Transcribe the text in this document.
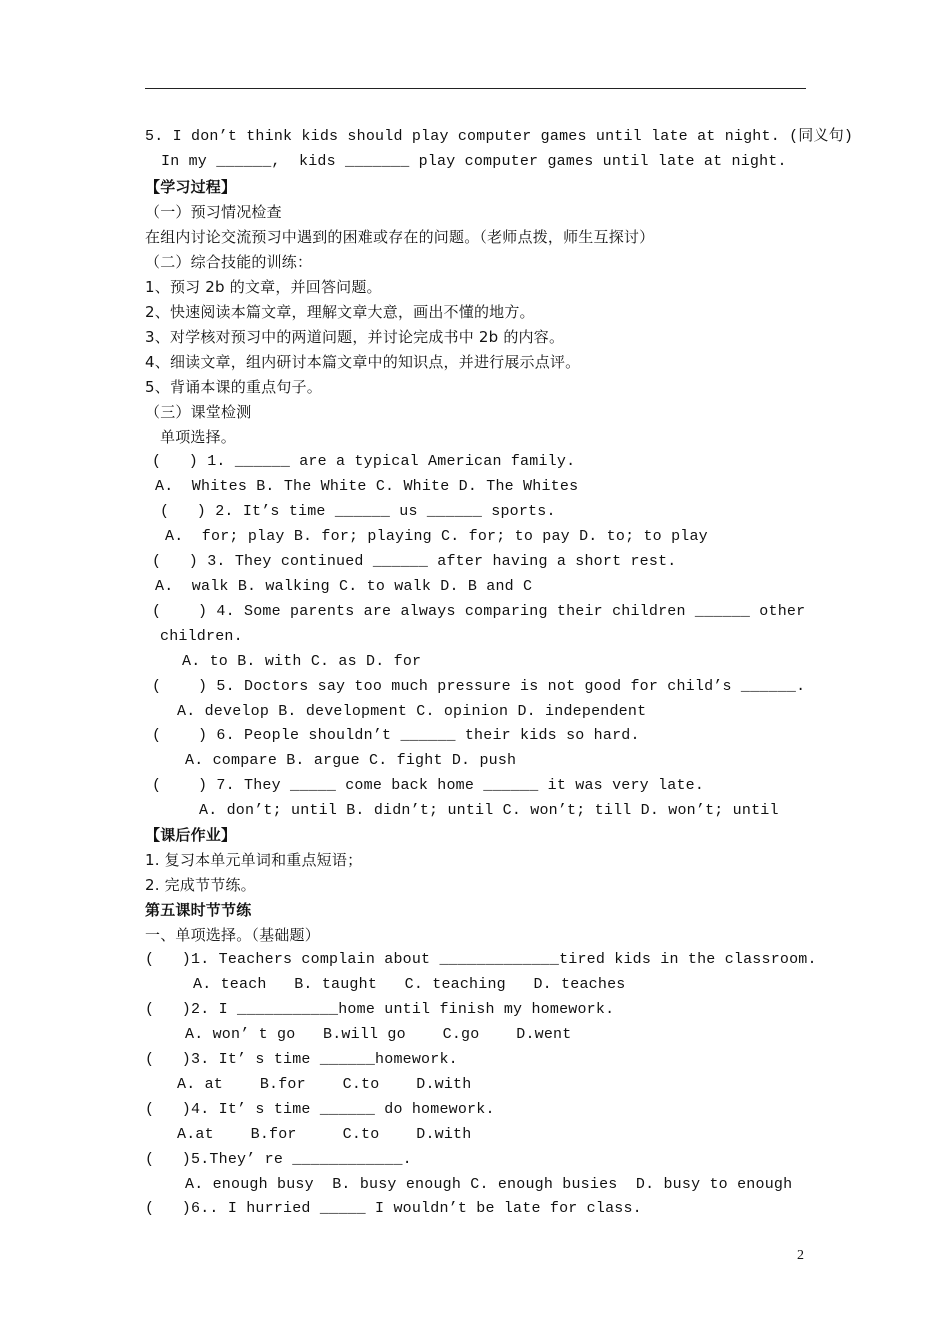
5. I don’t think kids should play computer games until late at night. (同义句)
In my ______,  kids _______ play computer games until late at night.
【学习过程】
（一）预习情况检查
在组内讨论交流预习中遇到的困难或存在的问题。（老师点拨，师生互探讨）
（二）综合技能的训练：
1、预习 2b 的文章，并回答问题。
2、快速阅读本篇文章，理解文章大意，画出不懂的地方。
3、对学核对预习中的两道问题，并讨论完成书中 2b 的内容。
4、细读文章，组内研讨本篇文章中的知识点，并进行展示点评。
5、背诵本课的重点句子。
（三）课堂检测
单项选择。
(   ) 1. ______ are a typical American family.
A.  Whites B. The White C. White D. The Whites
(   ) 2. It’s time ______ us ______ sports.
A.  for; play B. for; playing C. for; to pay D. to; to play
(   ) 3. They continued ______ after having a short rest.
A.  walk B. walking C. to walk D. B and C
(    ) 4. Some parents are always comparing their children ______ other
children.
A. to B. with C. as D. for
(    ) 5. Doctors say too much pressure is not good for child’s ______.
A. develop B. development C. opinion D. independent
(    ) 6. People shouldn’t ______ their kids so hard.
A. compare B. argue C. fight D. push
(    ) 7. They _____ come back home ______ it was very late.
A. don’t; until B. didn’t; until C. won’t; till D. won’t; until
【课后作业】
1. 复习本单元单词和重点短语；
2. 完成节节练。
第五课时节节练
一、单项选择。（基础题）
(   )1. Teachers complain about _____________tired kids in the classroom.
A. teach   B. taught   C. teaching   D. teaches
(   )2. I ___________home until finish my homework.
A. won’ t go   B.will go    C.go    D.went
(   )3. It’ s time ______homework.
A. at    B.for    C.to    D.with
(   )4. It’ s time ______ do homework.
A.at    B.for     C.to    D.with
(   )5.They’ re ____________.
A. enough busy  B. busy enough C. enough busies  D. busy to enough
(   )6.. I hurried _____ I wouldn’t be late for class.
2
